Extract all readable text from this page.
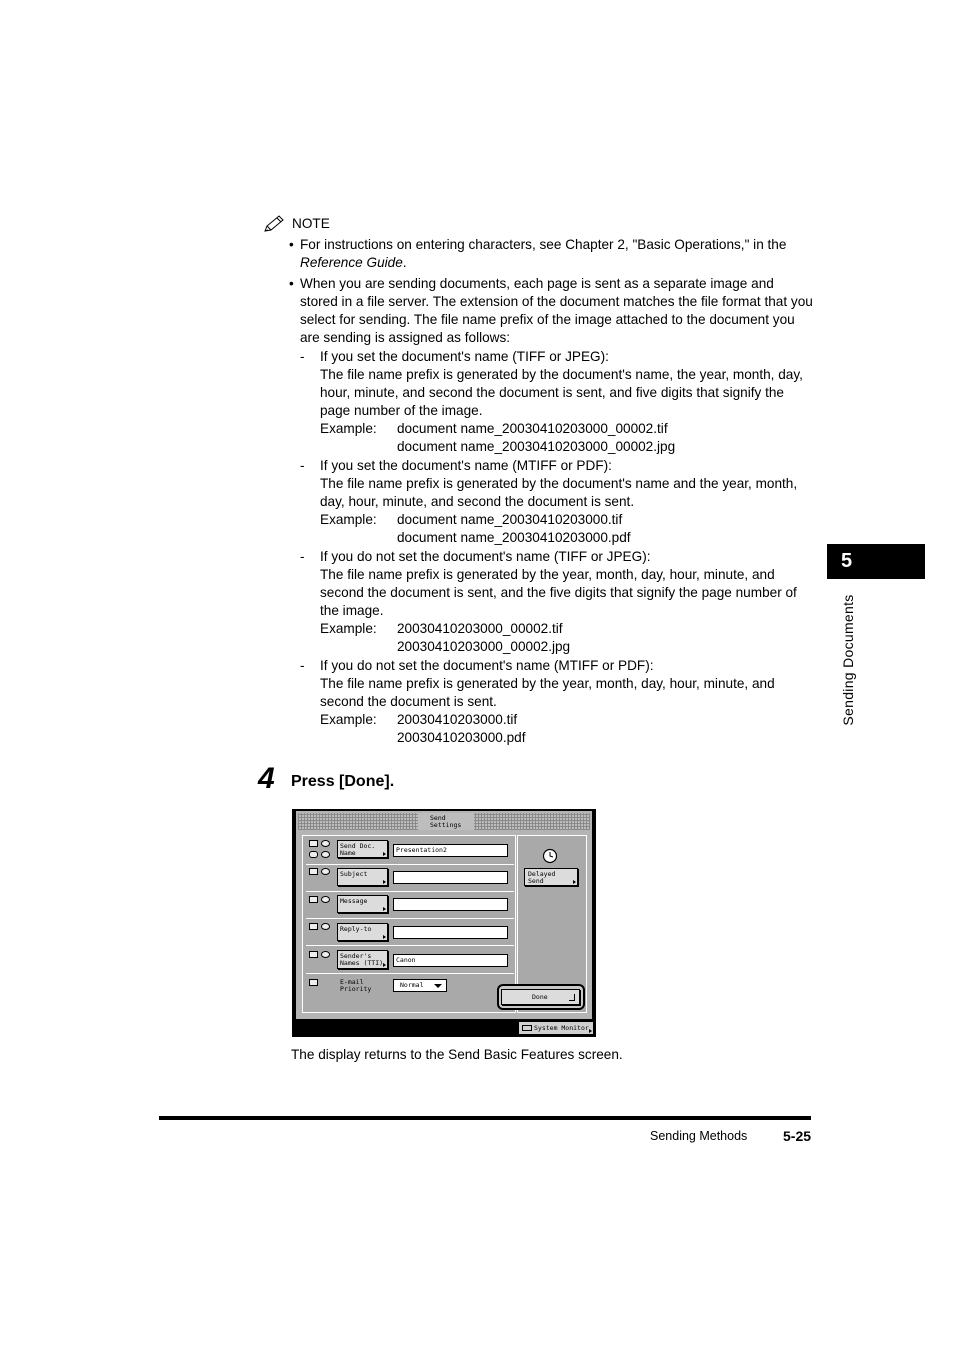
NOTE
• For instructions on entering characters, see Chapter 2, "Basic Operations," in the
Reference Guide.
• When you are sending documents, each page is sent as a separate image and stored in a file server. The extension of the document matches the file format that you select for sending. The file name prefix of the image attached to the document you are sending is assigned as follows:
- If you set the document's name (TIFF or JPEG):
The file name prefix is generated by the document's name, the year, month, day, hour, minute, and second the document is sent, and five digits that signify the page number of the image.
Example:	document name_20030410203000_00002.tif
document name_20030410203000_00002.jpg
- If you set the document's name (MTIFF or PDF):
The file name prefix is generated by the document's name and the year, month, day, hour, minute, and second the document is sent.
Example:	document name_20030410203000.tif
document name_20030410203000.pdf
- If you do not set the document's name (TIFF or JPEG):
The file name prefix is generated by the year, month, day, hour, minute, and second the document is sent, and the five digits that signify the page number of the image.
Example:	20030410203000_00002.tif
20030410203000_00002.jpg
- If you do not set the document's name (MTIFF or PDF):
The file name prefix is generated by the year, month, day, hour, minute, and second the document is sent.
Example:	20030410203000.tif
20030410203000.pdf
4 Press [Done].
Send
Settings
Send Doc.
Name	Presentation2
Subject
Message
Reply-to
Sender's
Names (TTI) Canon
E-mail
Priority	Normal
Delayed
Send
Done
System Monitor
The display returns to the Send Basic Features screen.
5
Sending Documents
Sending Methods	5-25
